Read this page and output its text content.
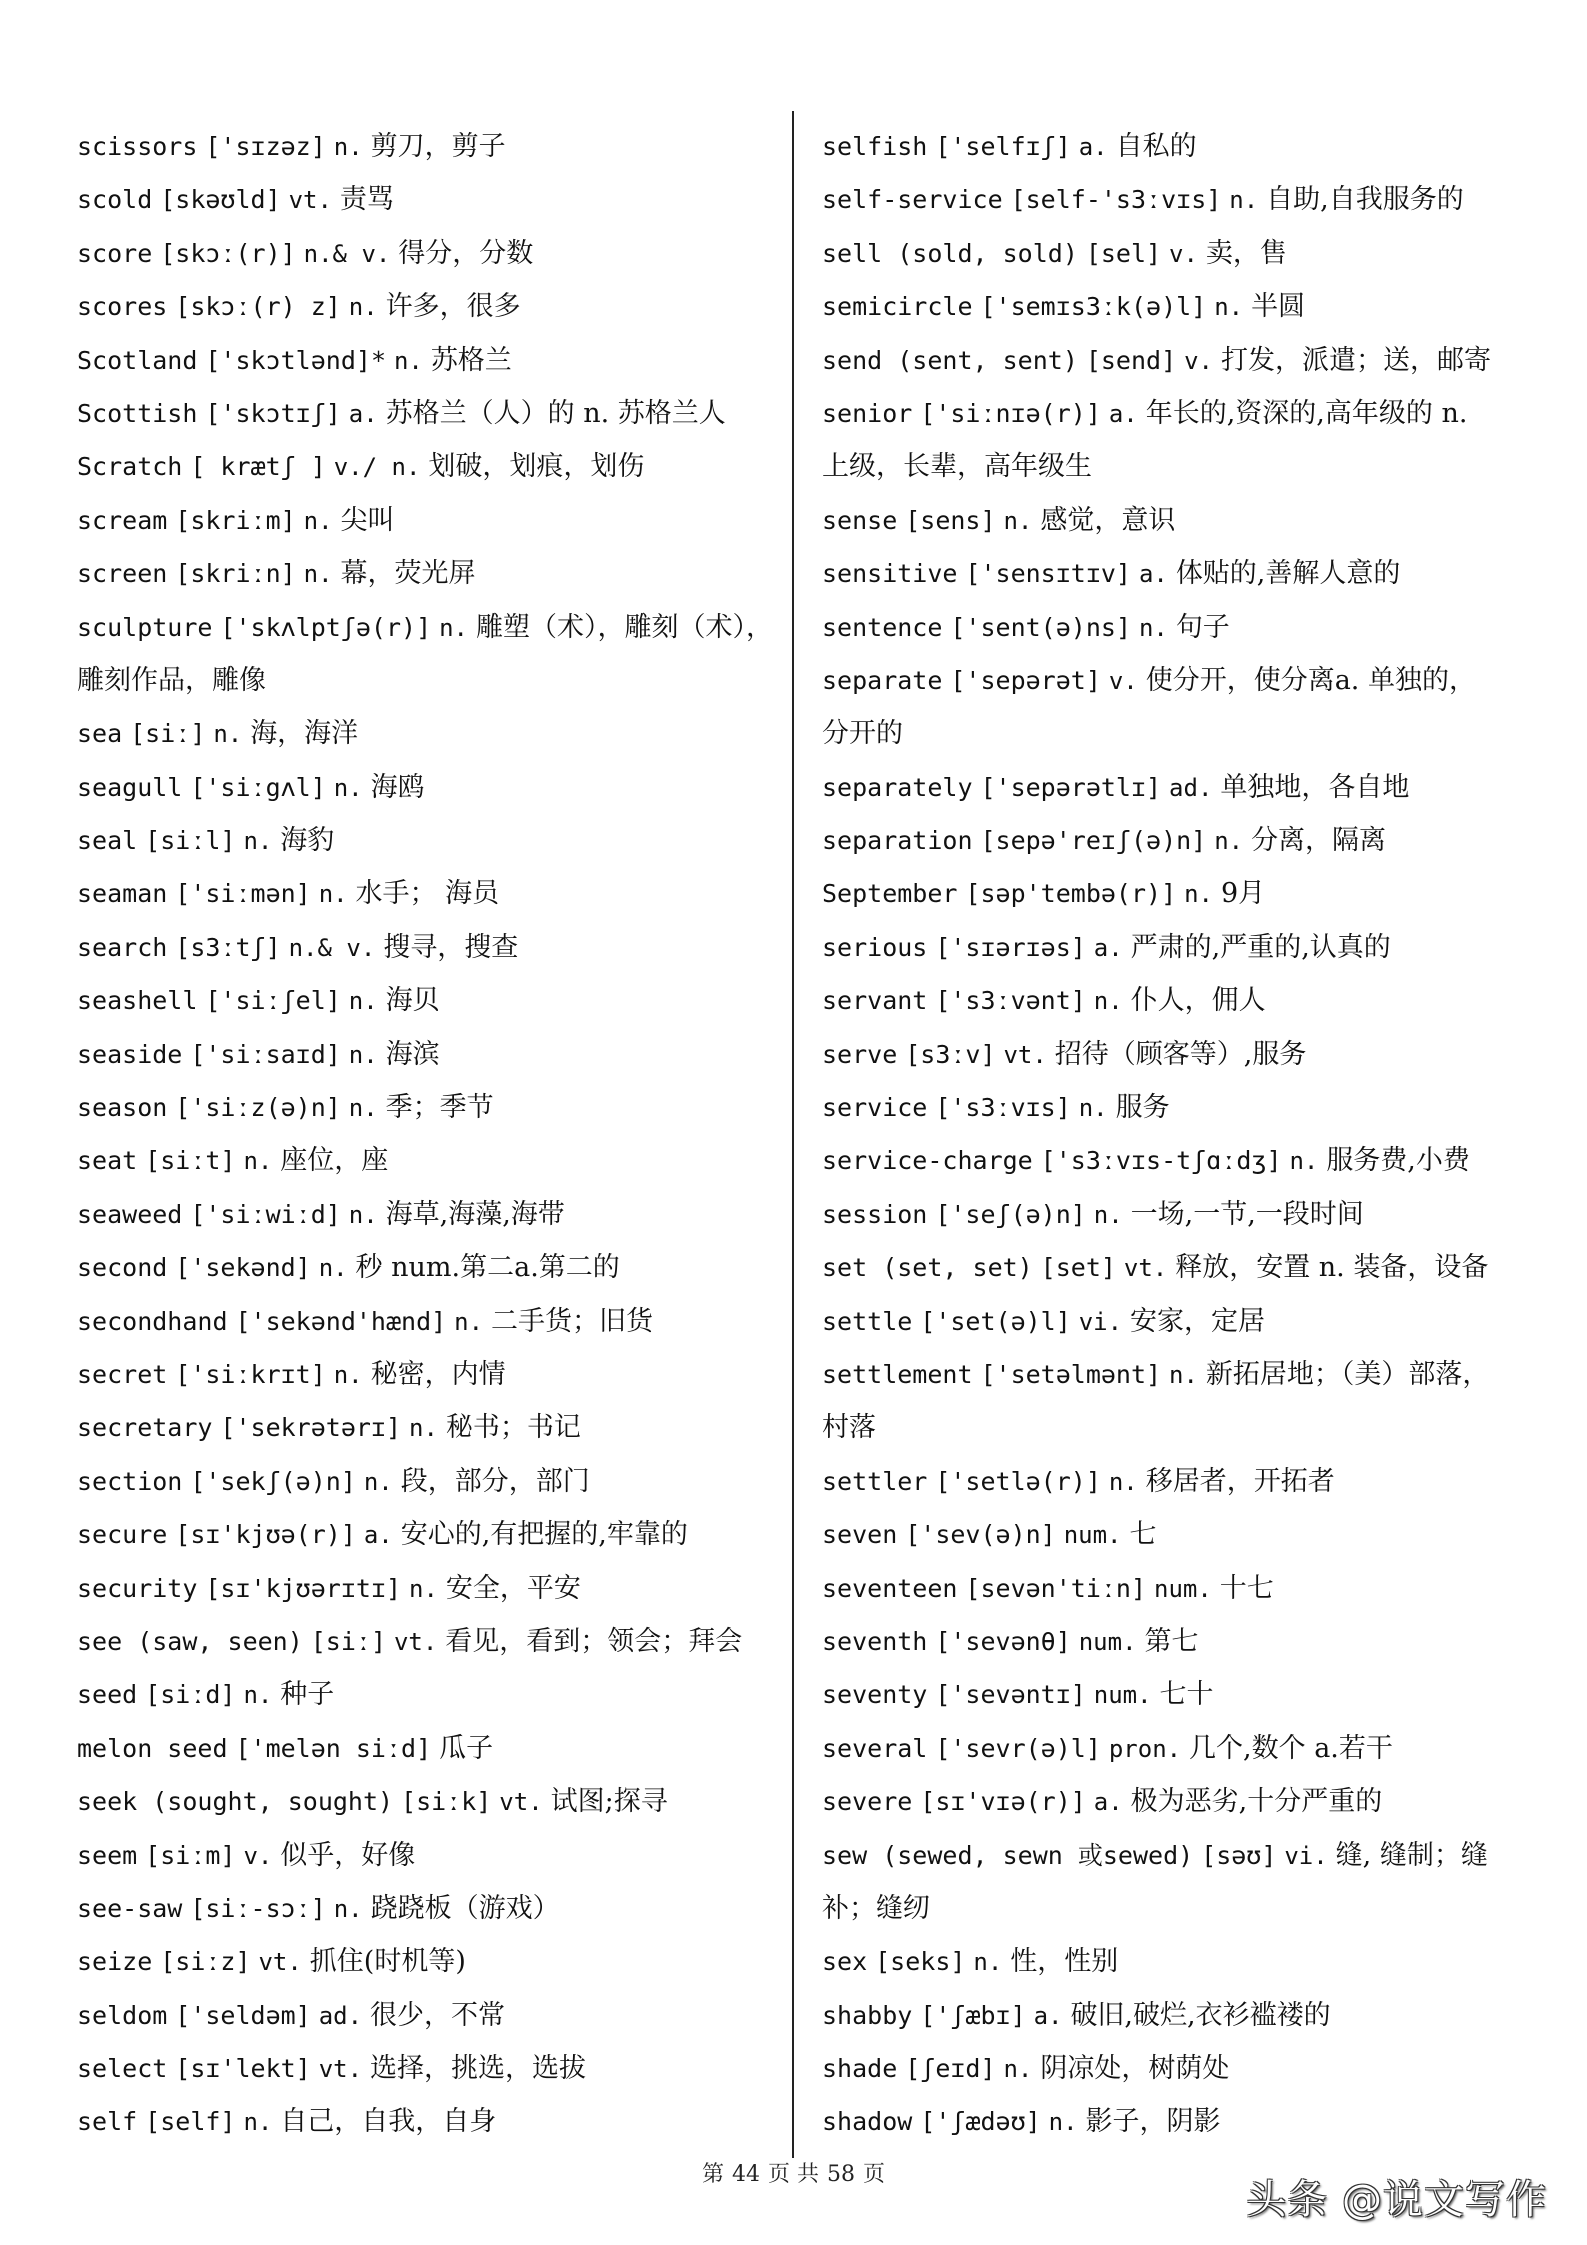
scissors ['sɪzəz] n. 剪刀，剪子
scold [skəʊld] vt. 责骂
score [skɔː(r)] n.& v. 得分，分数
scores [skɔː(r) z] n. 许多，很多
Scotland ['skɔtlənd]* n. 苏格兰
Scottish ['skɔtɪʃ] a. 苏格兰（人）的 n. 苏格兰人
Scratch [ krætʃ ] v./ n. 划破，划痕，划伤
scream [skriːm] n. 尖叫
screen [skriːn] n. 幕，荧光屏
sculpture ['skʌlptʃə(r)] n. 雕塑（术），雕刻（术），
雕刻作品，雕像
sea [siː] n. 海，海洋
seagull ['siːgʌl] n. 海鸥
seal [siːl] n. 海豹
seaman ['siːmən] n. 水手； 海员
search [s3ːtʃ] n.& v. 搜寻，搜查
seashell ['siːʃel] n. 海贝
seaside ['siːsaɪd] n. 海滨
season ['siːz(ə)n] n. 季；季节
seat [siːt] n. 座位，座
seaweed ['siːwiːd] n. 海草,海藻,海带
second ['sekənd] n. 秒 num.第二a.第二的
secondhand ['sekənd'hænd] n. 二手货；旧货
secret ['siːkrɪt] n. 秘密，内情
secretary ['sekrətərɪ] n. 秘书；书记
section ['sekʃ(ə)n] n. 段，部分，部门
secure [sɪ'kjʊə(r)] a. 安心的,有把握的,牢靠的
security [sɪ'kjʊərɪtɪ] n. 安全，平安
see (saw, seen) [siː] vt. 看见，看到；领会；拜会
seed [siːd] n. 种子
melon seed ['melən siːd] 瓜子
seek (sought, sought) [siːk] vt. 试图;探寻
seem [siːm] v. 似乎，好像
see-saw [siː-sɔː] n. 跷跷板（游戏）
seize [siːz] vt. 抓住(时机等)
seldom ['seldəm] ad. 很少，不常
select [sɪ'lekt] vt. 选择，挑选，选拔
self [self] n. 自己，自我，自身
selfish ['selfɪʃ] a. 自私的
self-service [self-'s3ːvɪs] n. 自助,自我服务的
sell (sold, sold) [sel] v. 卖，售
semicircle ['semɪs3ːk(ə)l] n. 半圆
send (sent, sent) [send] v. 打发，派遣；送，邮寄
senior ['siːnɪə(r)] a. 年长的,资深的,高年级的 n.
上级，长辈，高年级生
sense [sens] n. 感觉，意识
sensitive ['sensɪtɪv] a. 体贴的,善解人意的
sentence ['sent(ə)ns] n. 句子
separate ['sepərət] v. 使分开，使分离a. 单独的，
分开的
separately ['sepərətlɪ] ad. 单独地，各自地
separation [sepə'reɪʃ(ə)n] n. 分离，隔离
September [səp'tembə(r)] n. 9月
serious ['sɪərɪəs] a. 严肃的,严重的,认真的
servant ['s3ːvənt] n. 仆人，佣人
serve [s3ːv] vt. 招待（顾客等）,服务
service ['s3ːvɪs] n. 服务
service-charge ['s3ːvɪs-tʃɑːdʒ] n. 服务费,小费
session ['seʃ(ə)n] n. 一场,一节,一段时间
set (set, set) [set] vt. 释放，安置 n. 装备，设备
settle ['set(ə)l] vi. 安家，定居
settlement ['setəlmənt] n. 新拓居地；（美）部落，
村落
settler ['setlə(r)] n. 移居者，开拓者
seven ['sev(ə)n] num. 七
seventeen [sevən'tiːn] num. 十七
seventh ['sevənθ] num. 第七
seventy ['sevəntɪ] num. 七十
several ['sevr(ə)l] pron. 几个,数个 a.若干
severe [sɪ'vɪə(r)] a. 极为恶劣,十分严重的
sew (sewed, sewn 或sewed) [səʊ] vi. 缝, 缝制；缝
补；缝纫
sex [seks] n. 性，性别
shabby ['ʃæbɪ] a. 破旧,破烂,衣衫褴褛的
shade [ʃeɪd] n. 阴凉处，树荫处
shadow ['ʃædəʊ] n. 影子，阴影
第 44 页 共 58 页
头条 @说文写作
